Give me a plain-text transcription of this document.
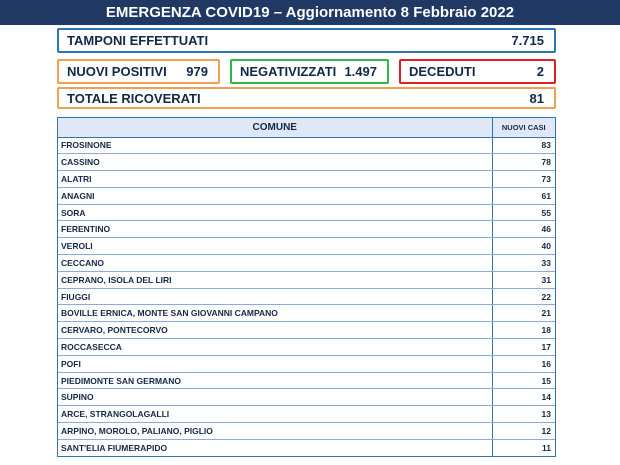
EMERGENZA COVID19 – Aggiornamento 8 Febbraio 2022
TAMPONI EFFETTUATI	7.715
NUOVI POSITIVI 979 NEGATIVIZZATI 1.497 DECEDUTI	2
TOTALE RICOVERATI	81
COMUNE	NUOVI CASI
FROSINONE	83
CASSINO	78
ALATRI	73
ANAGNI	61
SORA	55
FERENTINO	46
VEROLI	40
CECCANO	33
CEPRANO, ISOLA DEL LIRI	31
FIUGGI	22
BOVILLE ERNICA, MONTE SAN GIOVANNI CAMPANO	21
CERVARO, PONTECORVO	18
ROCCASECCA	17
POFI	16
PIEDIMONTE SAN GERMANO	15
SUPINO	14
ARCE, STRANGOLAGALLI	13
ARPINO, MOROLO, PALIANO, PIGLIO	12
SANT'ELIA FIUMERAPIDO	11
